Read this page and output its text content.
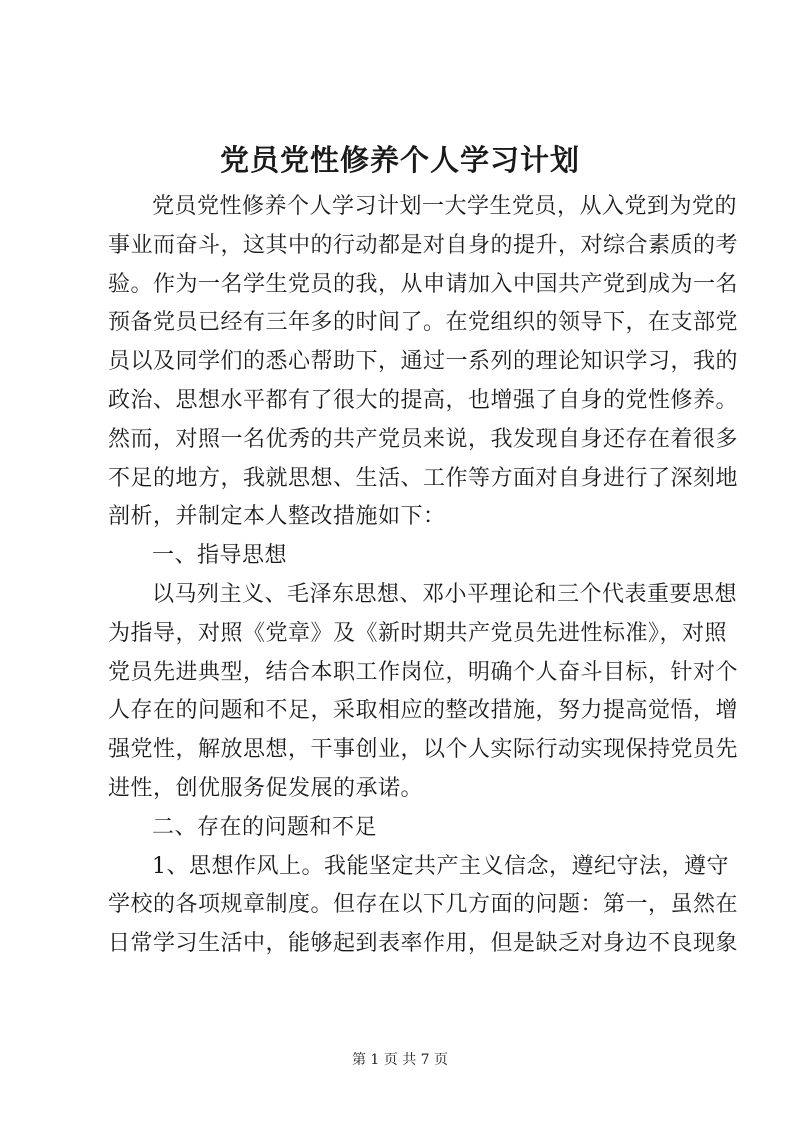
党员党性修养个人学习计划
党员党性修养个人学习计划一大学生党员，从入党到为党的
事业而奋斗，这其中的行动都是对自身的提升，对综合素质的考
验。作为一名学生党员的我，从申请加入中国共产党到成为一名
预备党员已经有三年多的时间了。在党组织的领导下，在支部党
员以及同学们的悉心帮助下，通过一系列的理论知识学习，我的
政治、思想水平都有了很大的提高，也增强了自身的党性修养。
然而，对照一名优秀的共产党员来说，我发现自身还存在着很多
不足的地方，我就思想、生活、工作等方面对自身进行了深刻地
剖析，并制定本人整改措施如下：
一、指导思想
以马列主义、毛泽东思想、邓小平理论和三个代表重要思想
为指导，对照《党章》及《新时期共产党员先进性标准》，对照
党员先进典型，结合本职工作岗位，明确个人奋斗目标，针对个
人存在的问题和不足，采取相应的整改措施，努力提高觉悟，增
强党性，解放思想，干事创业，以个人实际行动实现保持党员先
进性，创优服务促发展的承诺。
二、存在的问题和不足
1、思想作风上。我能坚定共产主义信念，遵纪守法，遵守
学校的各项规章制度。但存在以下几方面的问题：第一，虽然在
日常学习生活中，能够起到表率作用，但是缺乏对身边不良现象
第 1 页 共 7 页
